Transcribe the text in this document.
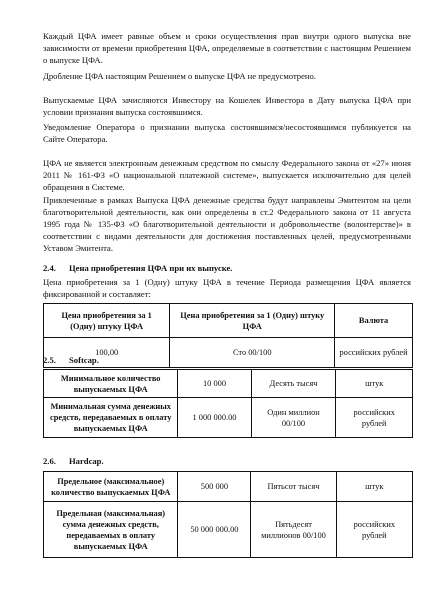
Каждый ЦФА имеет равные объем и сроки осуществления прав внутри одного выпуска вне зависимости от времени приобретения ЦФА, определяемые в соответствии с настоящим Решением о выпуске ЦФА.

Дробление ЦФА настоящим Решением о выпуске ЦФА не предусмотрено.

Выпускаемые ЦФА зачисляются Инвестору на Кошелек Инвестора в Дату выпуска ЦФА при условии признания выпуска состоявшимся.

Уведомление Оператора о признании выпуска состоявшимся/несостоявшимся публикуется на Сайте Оператора.

ЦФА не является электронным денежным средством по смыслу Федерального закона от «27» июня 2011 № 161-ФЗ «О национальной платежной системе», выпускается исключительно для целей обращения в Системе.

Привлеченные в рамках Выпуска ЦФА денежные средства будут направлены Эмитентом на цели благотворительной деятельности, как они определены в ст.2 Федерального закона от 11 августа 1995 года № 135-ФЗ «О благотворительной деятельности и добровольчестве (волонтерстве)» в соответствии с видами деятельности для достижения поставленных целей, предусмотренными Уставом Эмитента.

2.4. Цена приобретения ЦФА при их выпуске.

Цена приобретения за 1 (Одну) штуку ЦФА в течение Периода размещения ЦФА является фиксированной и составляет:

Цена приобретения за 1 (Одну) штуку ЦФА	Цена приобретения за 1 (Одну) штуку ЦФА	Валюта
100,00	Сто 00/100	российских рублей

2.5. Softcap.

Минимальное количество выпускаемых ЦФА	10 000	Десять тысяч	штук
Минимальная сумма денежных средств, передаваемых в оплату выпускаемых ЦФА	1 000 000.00	Один миллион 00/100	российских рублей

2.6. Hardcap.

Предельное (максимальное) количество выпускаемых ЦФА	500 000	Пятьсот тысяч	штук
Предельная (максимальная) сумма денежных средств, передаваемых в оплату выпускаемых ЦФА	50 000 000.00	Пятьдесят миллионов 00/100	российских рублей
